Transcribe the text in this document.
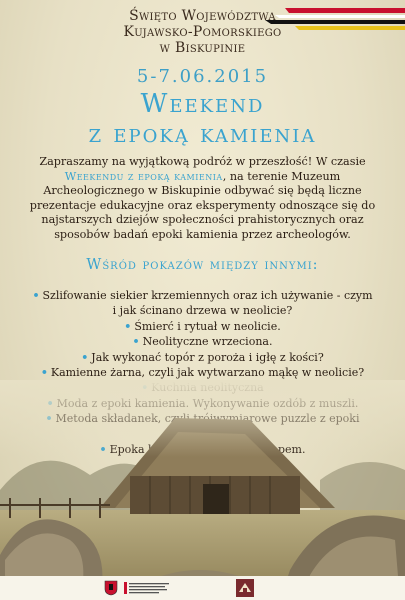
Święto Województwa
Kujawsko-Pomorskiego
w Biskupinie
5-7.06.2015
Weekend
z epoką kamienia
Zapraszamy na wyjątkową podróż w przeszłość! W czasie Weekendu z epoką kamienia, na terenie Muzeum Archeologicznego w Biskupinie odbywać się będą liczne prezentacje edukacyjne oraz eksperymenty odnoszące się do najstarszych dziejów społeczności prahistorycznych oraz sposobów badań epoki kamienia przez archeologów.
Wśród pokazów między innymi:
• Szlifowanie siekier krzemiennych oraz ich używanie - czym i jak ścinano drzewa w neolicie?
• Śmierć i rytuał w neolicie.
• Neolityczne wrzeciona.
• Jak wykonać topór z poroża i igłę z kości?
• Kamienne żarna, czyli jak wytwarzano mąkę w neolicie?
